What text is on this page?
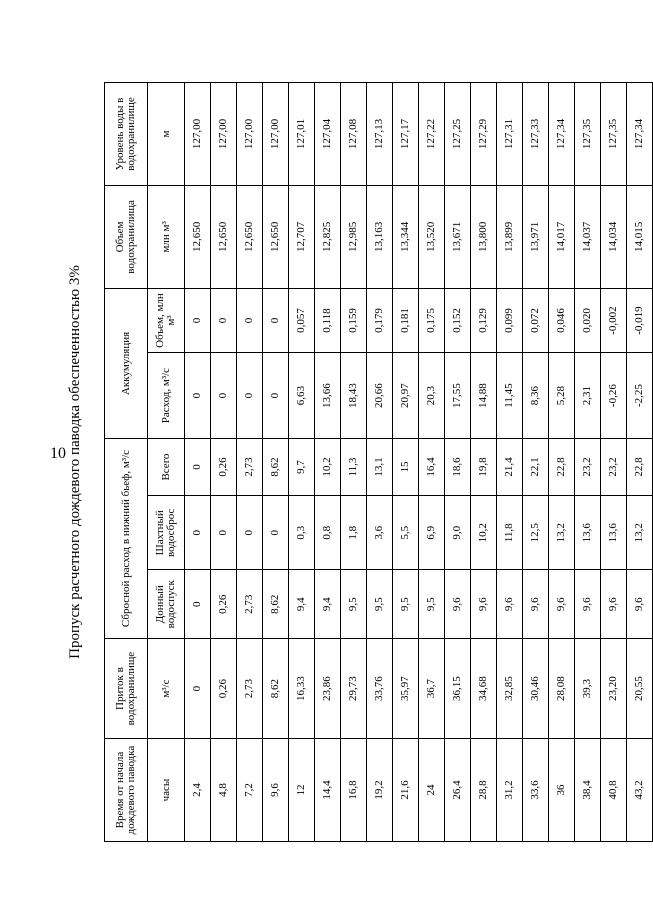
10 Пропуск расчетного дождевого паводка обеспеченностью 3%
Время от начала дождевого паводка	Приток в водохранилище	Сбросной расход в нижний бьеф, м³/с			Аккумуляция		Объем водохранилища	Уровень воды в водохранилище
		Донный водоспуск	Шахтный водосброс	Всего	Расход, м³/с	Объем, млн м³		
часы	м³/с						млн м³	м
2,4	0	0	0	0	0	0	12,650	127,00
4,8	0,26	0,26	0	0,26	0	0	12,650	127,00
7,2	2,73	2,73	0	2,73	0	0	12,650	127,00
9,6	8,62	8,62	0	8,62	0	0	12,650	127,00
12	16,33	9,4	0,3	9,7	6,63	0,057	12,707	127,01
14,4	23,86	9,4	0,8	10,2	13,66	0,118	12,825	127,04
16,8	29,73	9,5	1,8	11,3	18,43	0,159	12,985	127,08
19,2	33,76	9,5	3,6	13,1	20,66	0,179	13,163	127,13
21,6	35,97	9,5	5,5	15	20,97	0,181	13,344	127,17
24	36,7	9,5	6,9	16,4	20,3	0,175	13,520	127,22
26,4	36,15	9,6	9,0	18,6	17,55	0,152	13,671	127,25
28,8	34,68	9,6	10,2	19,8	14,88	0,129	13,800	127,29
31,2	32,85	9,6	11,8	21,4	11,45	0,099	13,899	127,31
33,6	30,46	9,6	12,5	22,1	8,36	0,072	13,971	127,33
36	28,08	9,6	13,2	22,8	5,28	0,046	14,017	127,34
38,4	39,3	9,6	13,6	23,2	2,31	0,020	14,037	127,35
40,8	23,20	9,6	13,6	23,2	-0,26	-0,002	14,034	127,35
43,2	20,55	9,6	13,2	22,8	-2,25	-0,019	14,015	127,34
